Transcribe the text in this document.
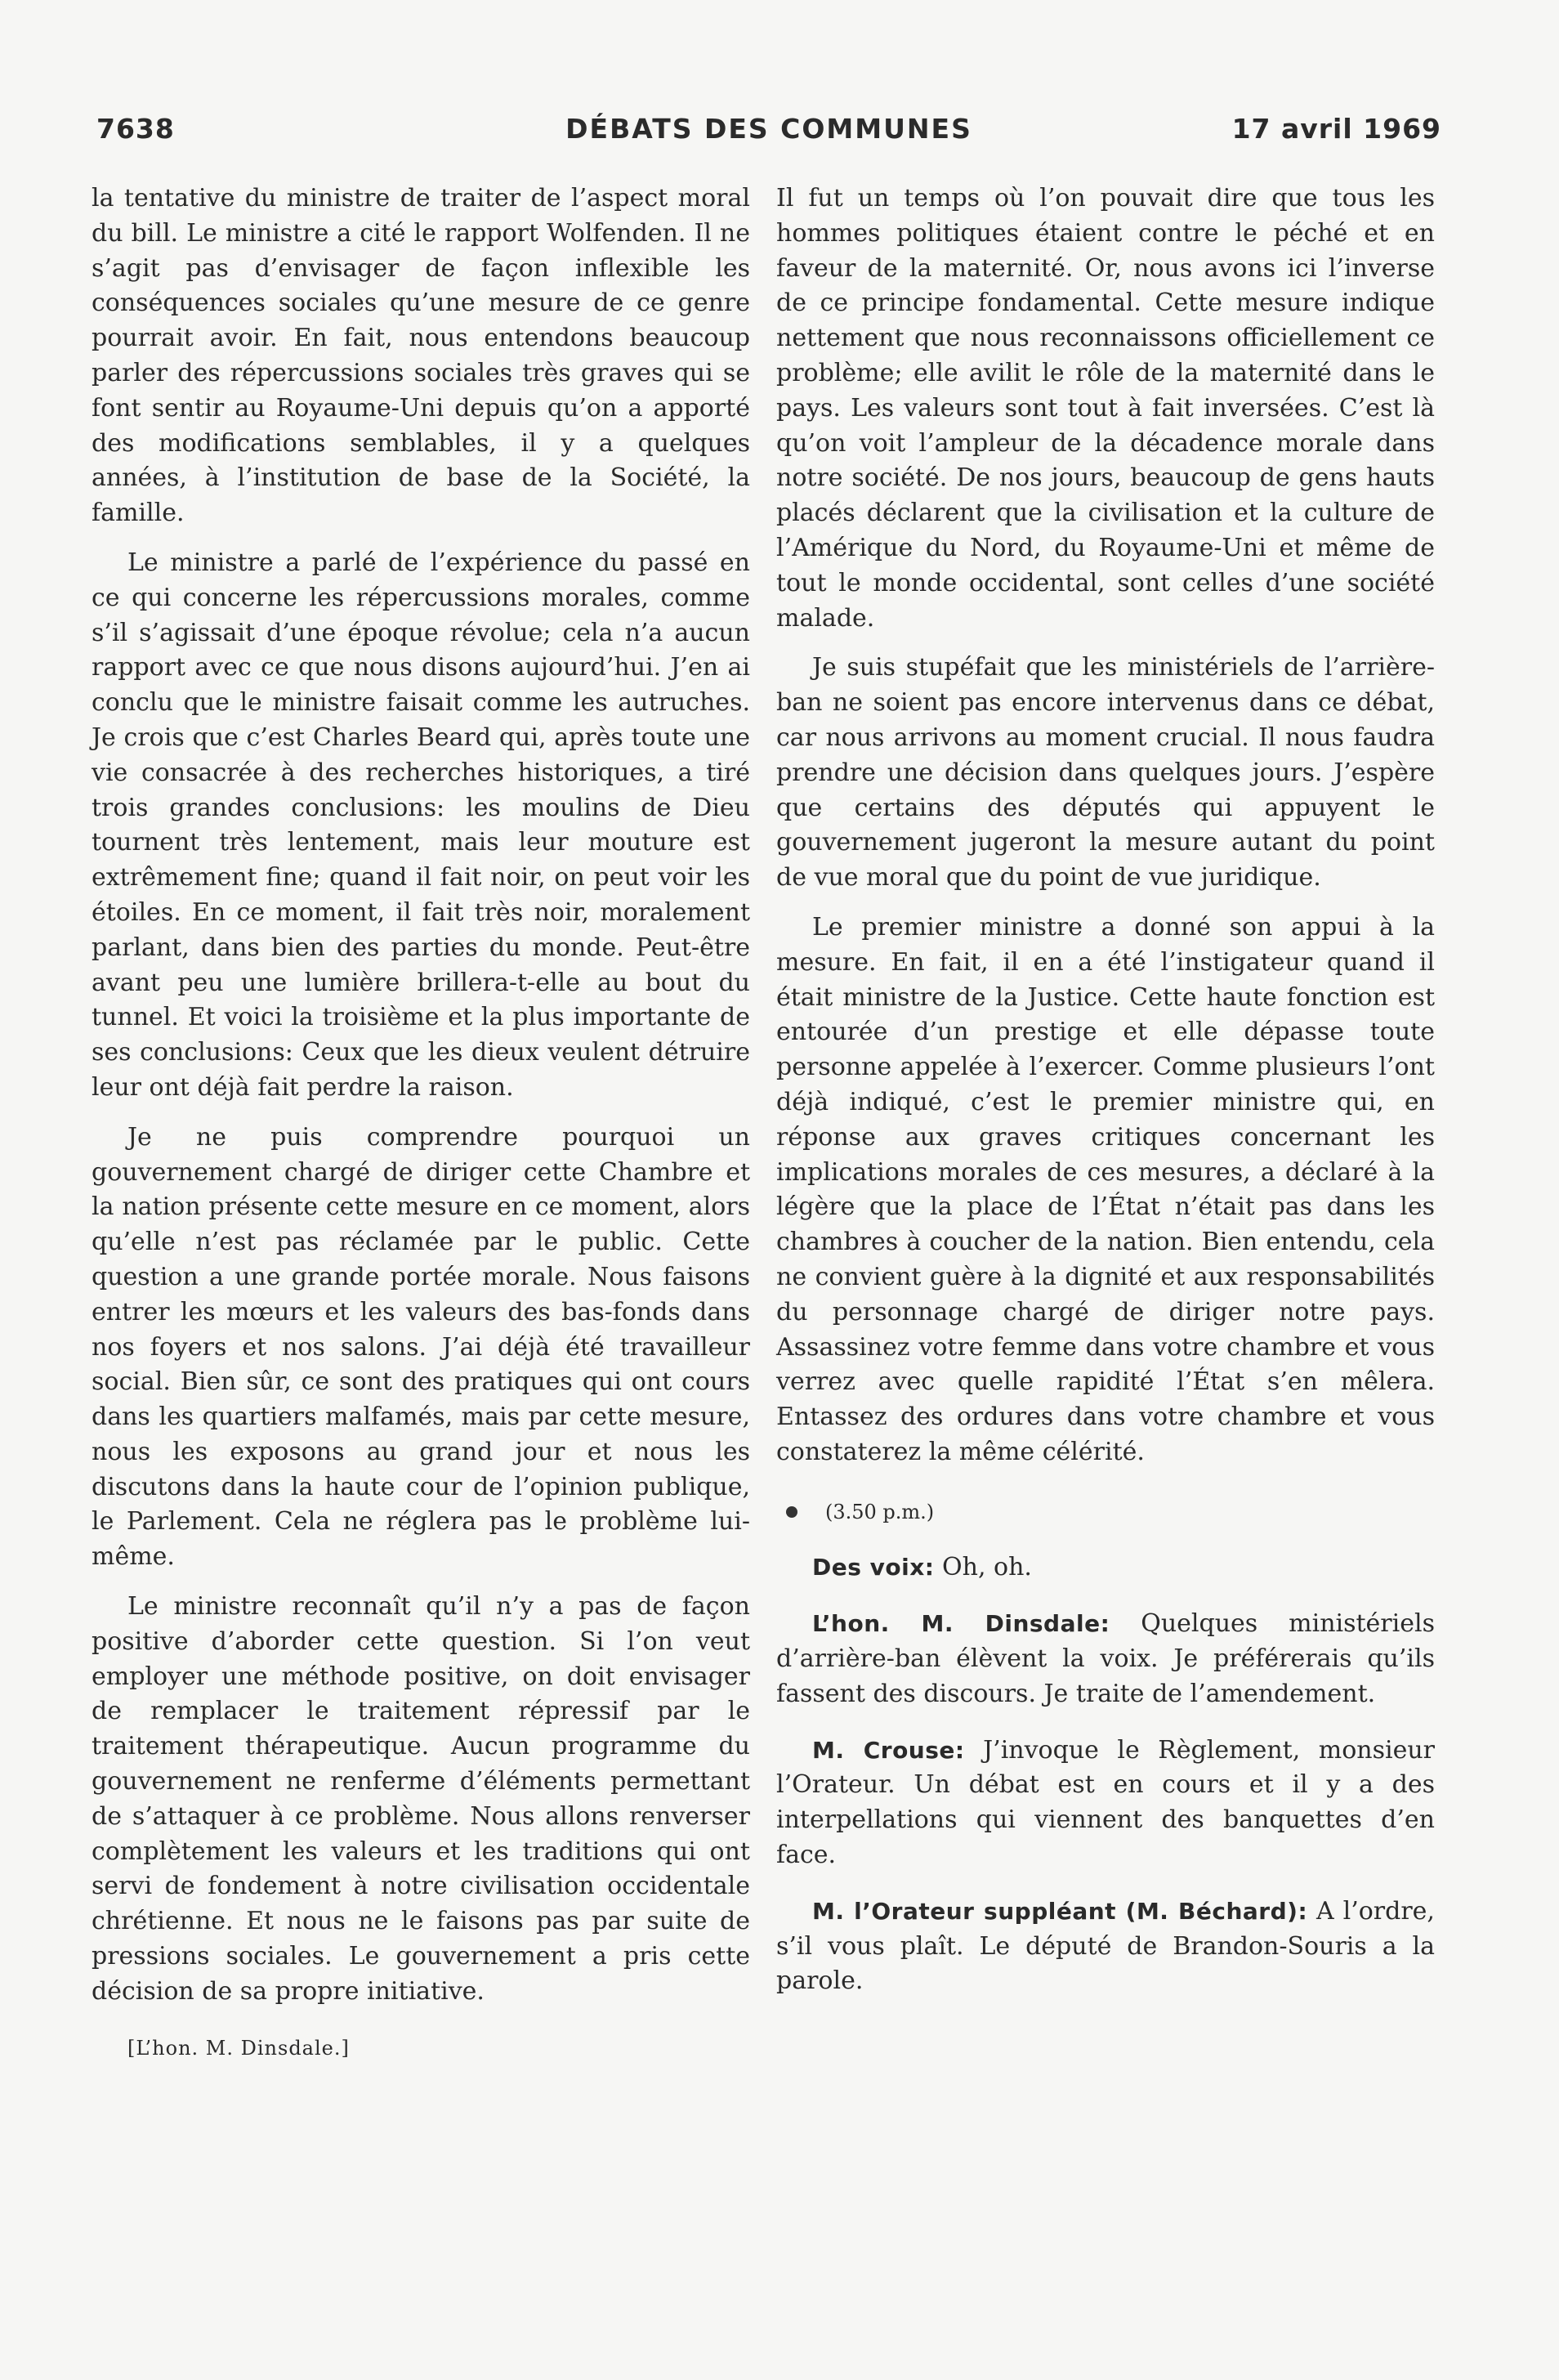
7638	DÉBATS DES COMMUNES	17 avril 1969

la tentative du ministre de traiter de l’aspect moral du bill. Le ministre a cité le rapport Wolfenden. Il ne s’agit pas d’envisager de façon inflexible les conséquences sociales qu’une mesure de ce genre pourrait avoir. En fait, nous entendons beaucoup parler des répercussions sociales très graves qui se font sentir au Royaume-Uni depuis qu’on a apporté des modifications semblables, il y a quelques années, à l’institution de base de la Société, la famille.

Le ministre a parlé de l’expérience du passé en ce qui concerne les répercussions morales, comme s’il s’agissait d’une époque révolue; cela n’a aucun rapport avec ce que nous disons aujourd’hui. J’en ai conclu que le ministre faisait comme les autruches. Je crois que c’est Charles Beard qui, après toute une vie consacrée à des recherches historiques, a tiré trois grandes conclusions: les moulins de Dieu tournent très lentement, mais leur mouture est extrêmement fine; quand il fait noir, on peut voir les étoiles. En ce moment, il fait très noir, moralement parlant, dans bien des parties du monde. Peut-être avant peu une lumière brillera-t-elle au bout du tunnel. Et voici la troisième et la plus importante de ses conclusions: Ceux que les dieux veulent détruire leur ont déjà fait perdre la raison.

Je ne puis comprendre pourquoi un gouvernement chargé de diriger cette Chambre et la nation présente cette mesure en ce moment, alors qu’elle n’est pas réclamée par le public. Cette question a une grande portée morale. Nous faisons entrer les mœurs et les valeurs des bas-fonds dans nos foyers et nos salons. J’ai déjà été travailleur social. Bien sûr, ce sont des pratiques qui ont cours dans les quartiers malfamés, mais par cette mesure, nous les exposons au grand jour et nous les discutons dans la haute cour de l’opinion publique, le Parlement. Cela ne réglera pas le problème lui-même.

Le ministre reconnaît qu’il n’y a pas de façon positive d’aborder cette question. Si l’on veut employer une méthode positive, on doit envisager de remplacer le traitement répressif par le traitement thérapeutique. Aucun programme du gouvernement ne renferme d’éléments permettant de s’attaquer à ce problème. Nous allons renverser complètement les valeurs et les traditions qui ont servi de fondement à notre civilisation occidentale chrétienne. Et nous ne le faisons pas par suite de pressions sociales. Le gouvernement a pris cette décision de sa propre initiative.

[L’hon. M. Dinsdale.]

Il fut un temps où l’on pouvait dire que tous les hommes politiques étaient contre le péché et en faveur de la maternité. Or, nous avons ici l’inverse de ce principe fondamental. Cette mesure indique nettement que nous reconnaissons officiellement ce problème; elle avilit le rôle de la maternité dans le pays. Les valeurs sont tout à fait inversées. C’est là qu’on voit l’ampleur de la décadence morale dans notre société. De nos jours, beaucoup de gens hauts placés déclarent que la civilisation et la culture de l’Amérique du Nord, du Royaume-Uni et même de tout le monde occidental, sont celles d’une société malade.

Je suis stupéfait que les ministériels de l’arrière-ban ne soient pas encore intervenus dans ce débat, car nous arrivons au moment crucial. Il nous faudra prendre une décision dans quelques jours. J’espère que certains des députés qui appuyent le gouvernement jugeront la mesure autant du point de vue moral que du point de vue juridique.

Le premier ministre a donné son appui à la mesure. En fait, il en a été l’instigateur quand il était ministre de la Justice. Cette haute fonction est entourée d’un prestige et elle dépasse toute personne appelée à l’exercer. Comme plusieurs l’ont déjà indiqué, c’est le premier ministre qui, en réponse aux graves critiques concernant les implications morales de ces mesures, a déclaré à la légère que la place de l’État n’était pas dans les chambres à coucher de la nation. Bien entendu, cela ne convient guère à la dignité et aux responsabilités du personnage chargé de diriger notre pays. Assassinez votre femme dans votre chambre et vous verrez avec quelle rapidité l’État s’en mêlera. Entassez des ordures dans votre chambre et vous constaterez la même célérité.

(3.50 p.m.)

Des voix: Oh, oh.

L’hon. M. Dinsdale: Quelques ministériels d’arrière-ban élèvent la voix. Je préférerais qu’ils fassent des discours. Je traite de l’amendement.

M. Crouse: J’invoque le Règlement, monsieur l’Orateur. Un débat est en cours et il y a des interpellations qui viennent des banquettes d’en face.

M. l’Orateur suppléant (M. Béchard): A l’ordre, s’il vous plaît. Le député de Brandon-Souris a la parole.
